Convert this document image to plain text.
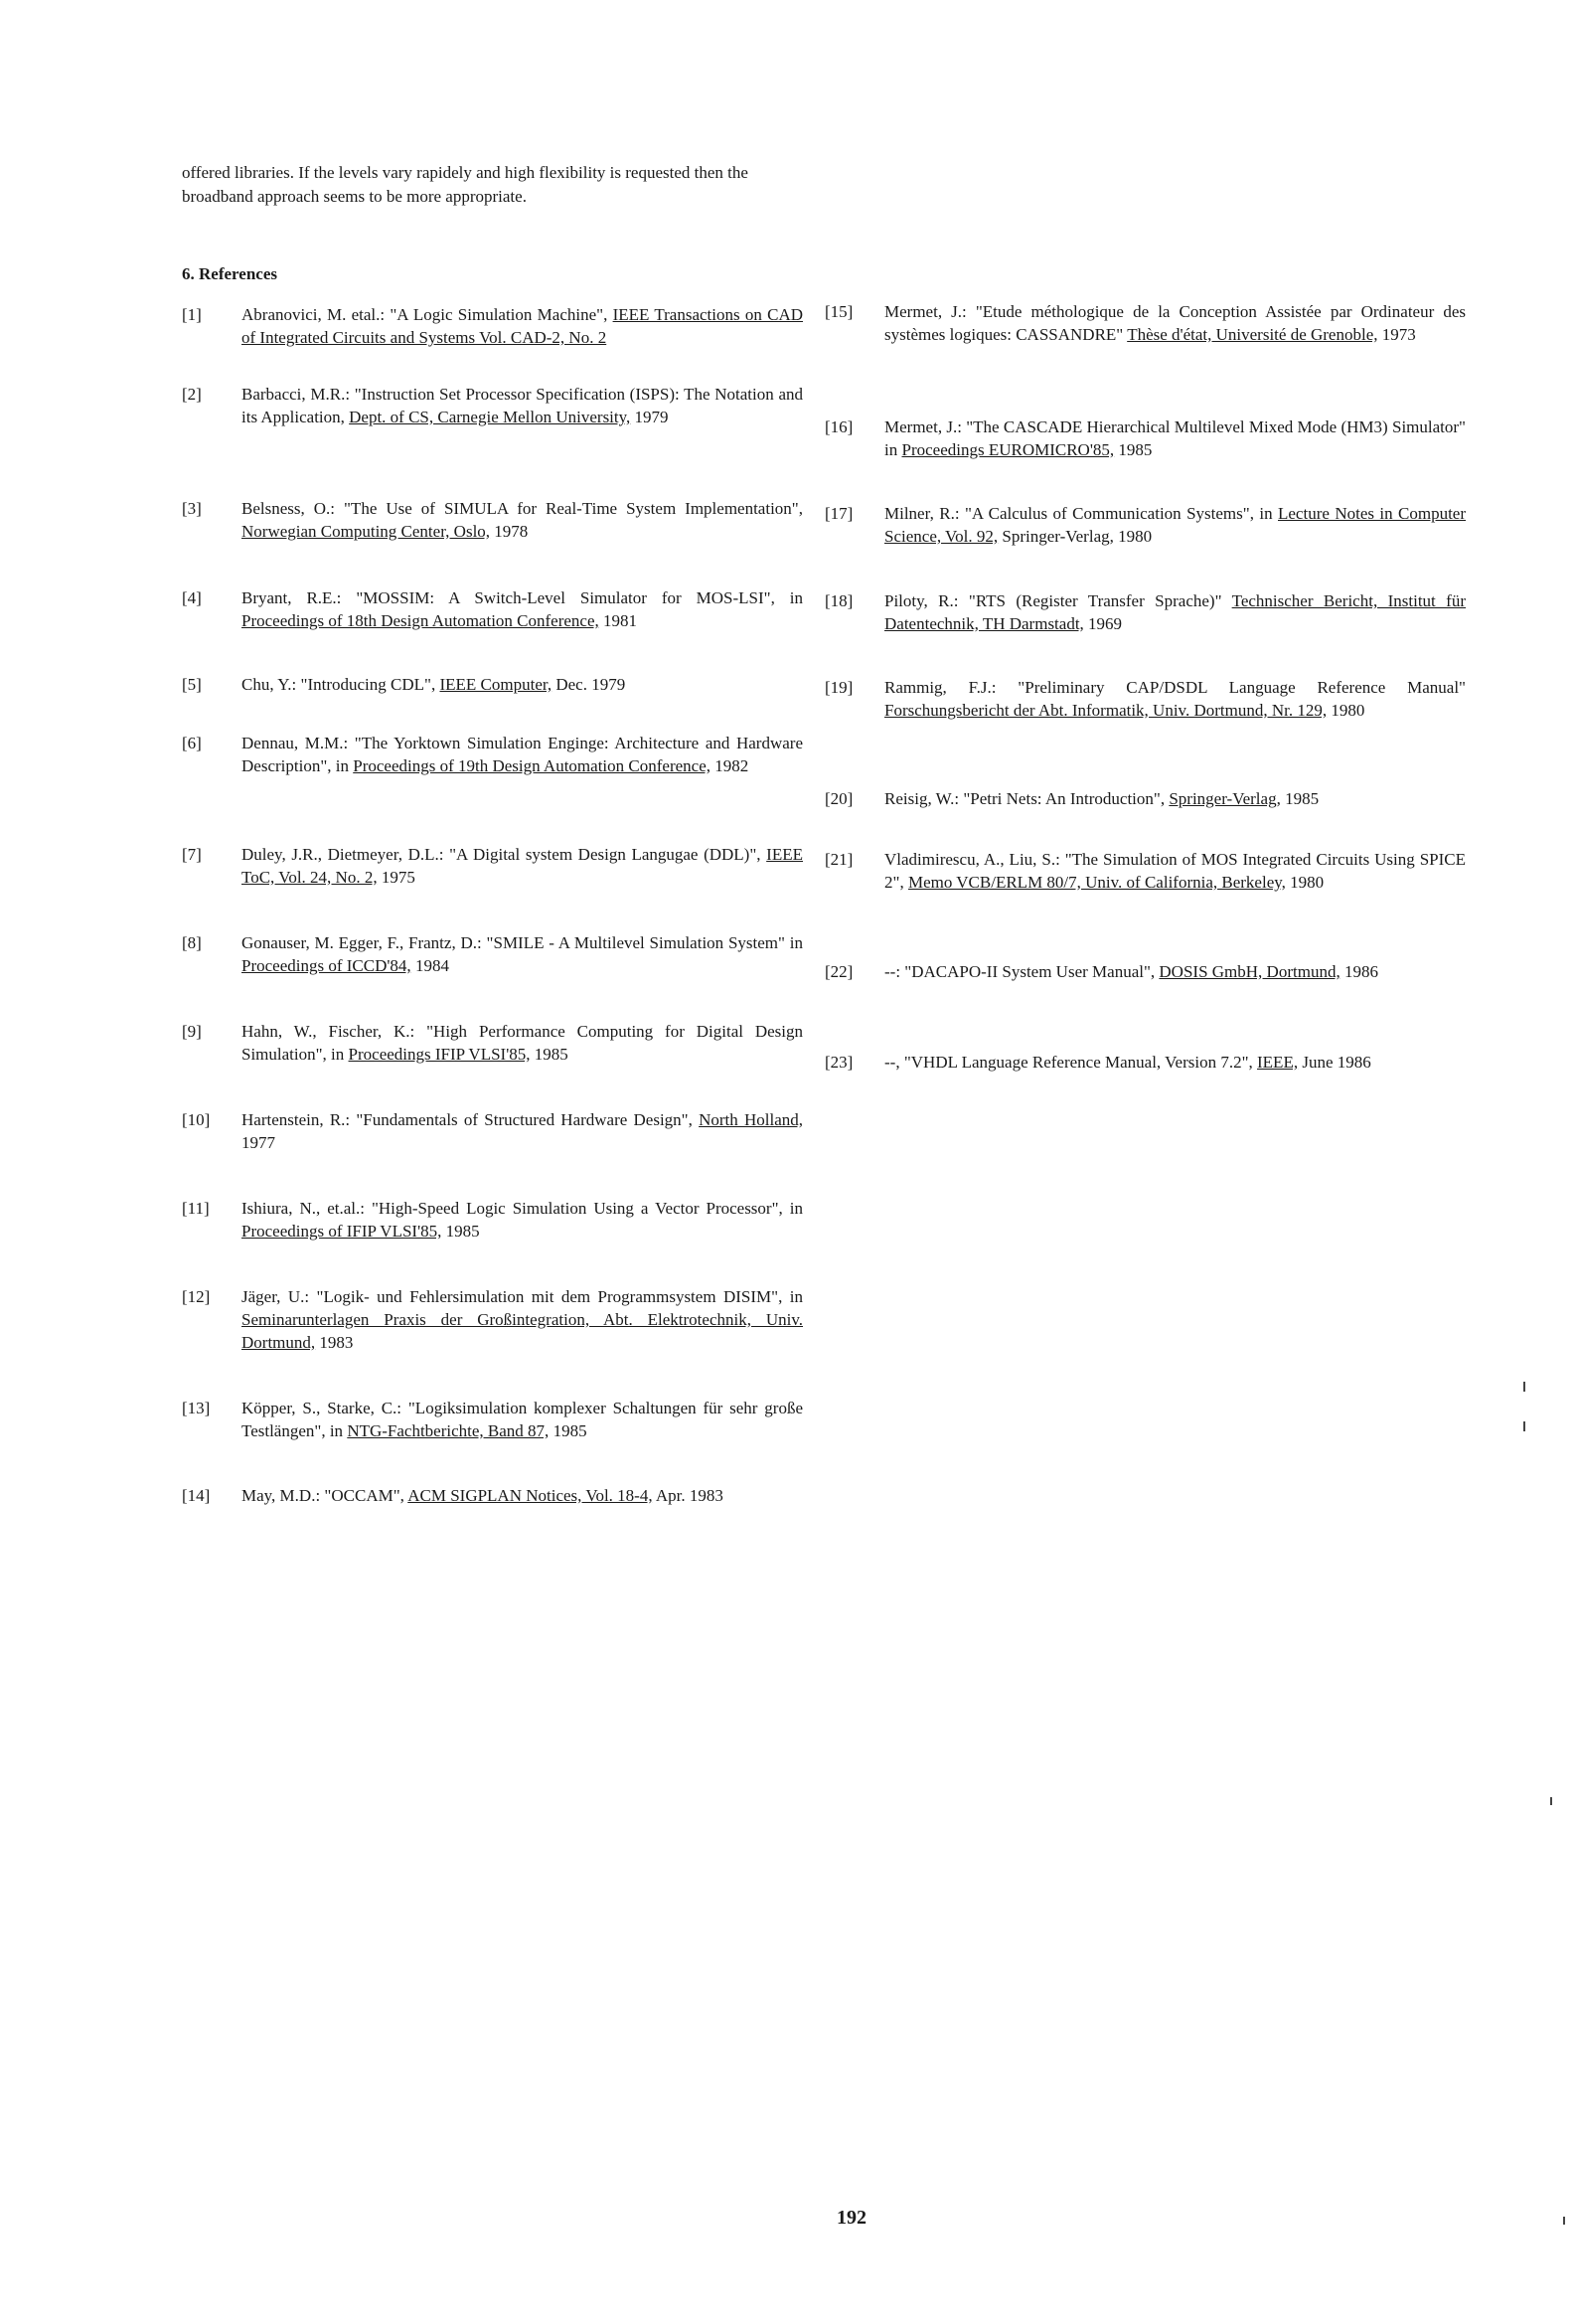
offered libraries. If the levels vary rapidely and high flexibility is requested then the broadband approach seems to be more appropriate.
6. References
[1]	Abranovici, M. etal.: "A Logic Simulation Machine", IEEE Transactions on CAD of Integrated Circuits and Systems Vol. CAD-2, No. 2
[2]	Barbacci, M.R.: "Instruction Set Processor Specification (ISPS): The Notation and its Application, Dept. of CS, Carnegie Mellon University, 1979
[3]	Belsness, O.: "The Use of SIMULA for Real-Time System Implementation", Norwegian Computing Center, Oslo, 1978
[4]	Bryant, R.E.: "MOSSIM: A Switch-Level Simulator for MOS-LSI", in Proceedings of 18th Design Automation Conference, 1981
[5]	Chu, Y.: "Introducing CDL", IEEE Computer, Dec. 1979
[6]	Dennau, M.M.: "The Yorktown Simulation Enginge: Architecture and Hardware Description", in Proceedings of 19th Design Automation Conference, 1982
[7]	Duley, J.R., Dietmeyer, D.L.: "A Digital system Design Langugae (DDL)", IEEE ToC, Vol. 24, No. 2, 1975
[8]	Gonauser, M. Egger, F., Frantz, D.: "SMILE - A Multilevel Simulation System" in Proceedings of ICCD'84, 1984
[9]	Hahn, W., Fischer, K.: "High Performance Computing for Digital Design Simulation", in Proceedings IFIP VLSI'85, 1985
[10]	Hartenstein, R.: "Fundamentals of Structured Hardware Design", North Holland, 1977
[11]	Ishiura, N., et.al.: "High-Speed Logic Simulation Using a Vector Processor", in Proceedings of IFIP VLSI'85, 1985
[12]	Jäger, U.: "Logik- und Fehlersimulation mit dem Programmsystem DISIM", in Seminarunterlagen Praxis der Großintegration, Abt. Elektrotechnik, Univ. Dortmund, 1983
[13]	Köpper, S., Starke, C.: "Logiksimulation komplexer Schaltungen für sehr große Testlängen", in NTG-Fachtberichte, Band 87, 1985
[14]	May, M.D.: "OCCAM", ACM SIGPLAN Notices, Vol. 18-4, Apr. 1983
[15]	Mermet, J.: "Etude méthologique de la Conception Assistée par Ordinateur des systèmes logiques: CASSANDRE" Thèse d'état, Université de Grenoble, 1973
[16]	Mermet, J.: "The CASCADE Hierarchical Multilevel Mixed Mode (HM3) Simulator" in Proceedings EUROMICRO'85, 1985
[17]	Milner, R.: "A Calculus of Communication Systems", in Lecture Notes in Computer Science, Vol. 92, Springer-Verlag, 1980
[18]	Piloty, R.: "RTS (Register Transfer Sprache)" Technischer Bericht, Institut für Datentechnik, TH Darmstadt, 1969
[19]	Rammig, F.J.: "Preliminary CAP/DSDL Language Reference Manual" Forschungsbericht der Abt. Informatik, Univ. Dortmund, Nr. 129, 1980
[20]	Reisig, W.: "Petri Nets: An Introduction", Springer-Verlag, 1985
[21]	Vladimirescu, A., Liu, S.: "The Simulation of MOS Integrated Circuits Using SPICE 2", Memo VCB/ERLM 80/7, Univ. of California, Berkeley, 1980
[22]	--: "DACAPO-II System User Manual", DOSIS GmbH, Dortmund, 1986
[23]	--, "VHDL Language Reference Manual, Version 7.2", IEEE, June 1986
192
